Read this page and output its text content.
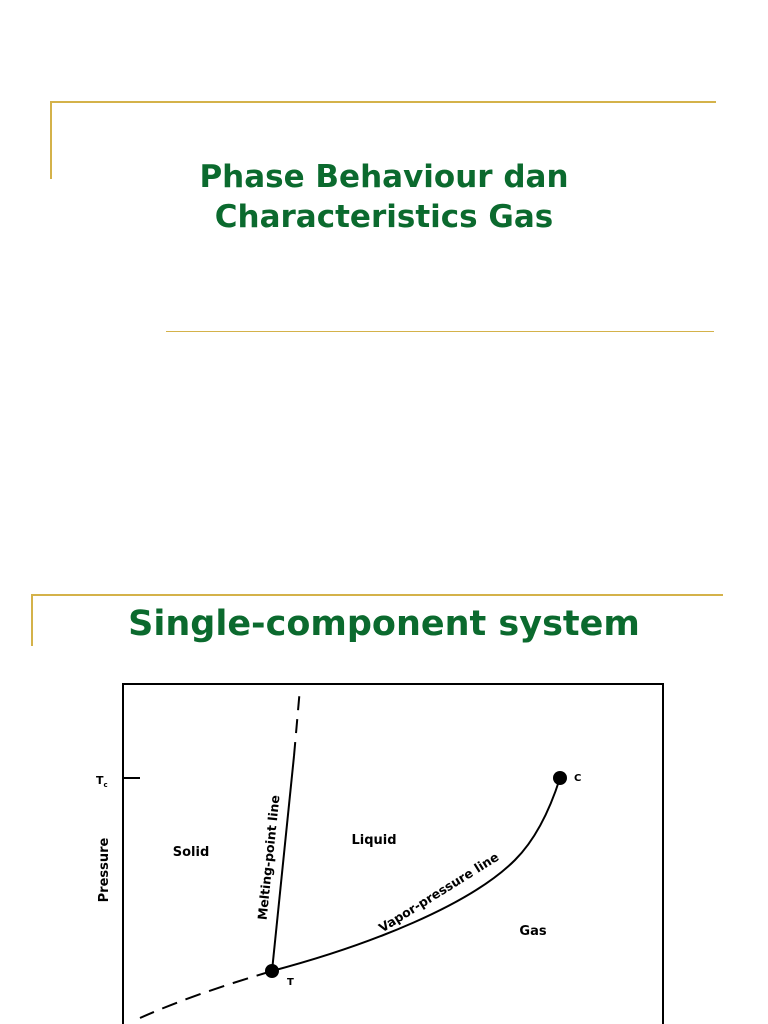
Phase Behaviour dan
Characteristics Gas
Single-component system
$T_c$
Pressure	Solid
Liquid
Gas
Melting-point line	Vapor-pressure line
C
T
